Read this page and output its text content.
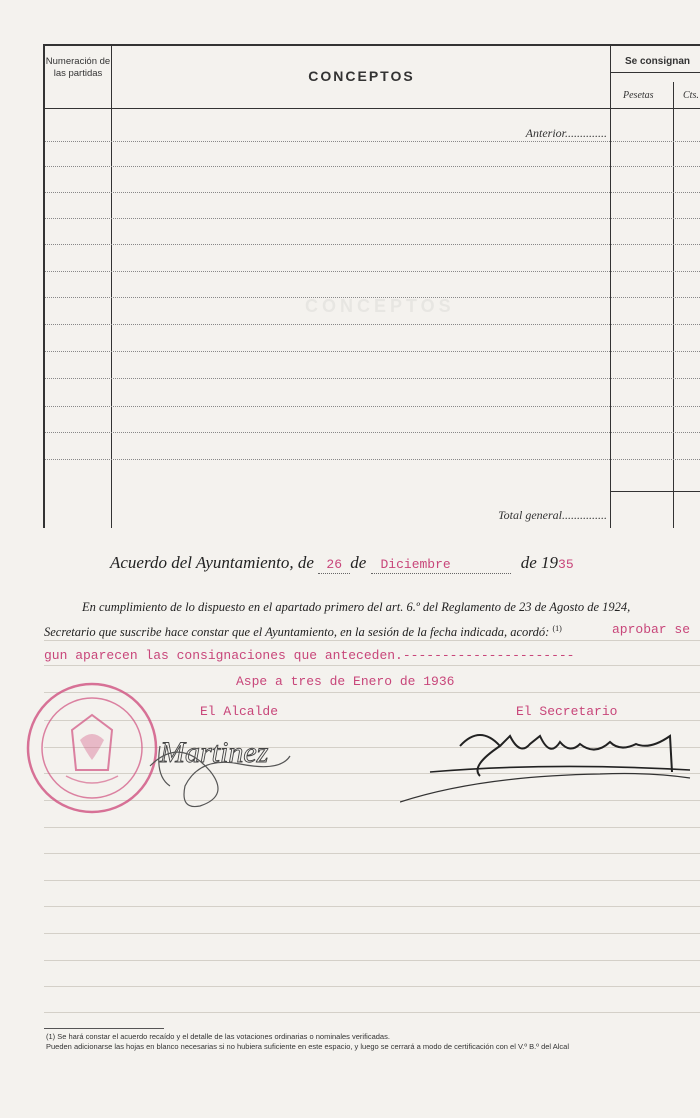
Numeración de las partidas	CONCEPTOS
Se consignan
Pesetas	Cts.
Anterior..............
Total general...............
CONCEPTOS
Acuerdo del Ayuntamiento, de 26 de Diciembre	de 1935
En cumplimiento de lo dispuesto en el apartado primero del art. 6.º del Reglamento de 23 de Agosto de 1924,
Secretario que suscribe hace constar que el Ayuntamiento, en la sesión de la fecha indicada, acordó: $^{(1)}$	aprobar se
gun aparecen las consignaciones que anteceden.----------------------
Aspe a tres de Enero de 1936
El Alcalde	El Secretario
Martinez
(1) Se hará constar el acuerdo recaído y el detalle de las votaciones ordinarias o nominales verificadas.
Pueden adicionarse las hojas en blanco necesarias si no hubiera suficiente en este espacio, y luego se cerrará a modo de certificación con el V.º B.º del Alcal
